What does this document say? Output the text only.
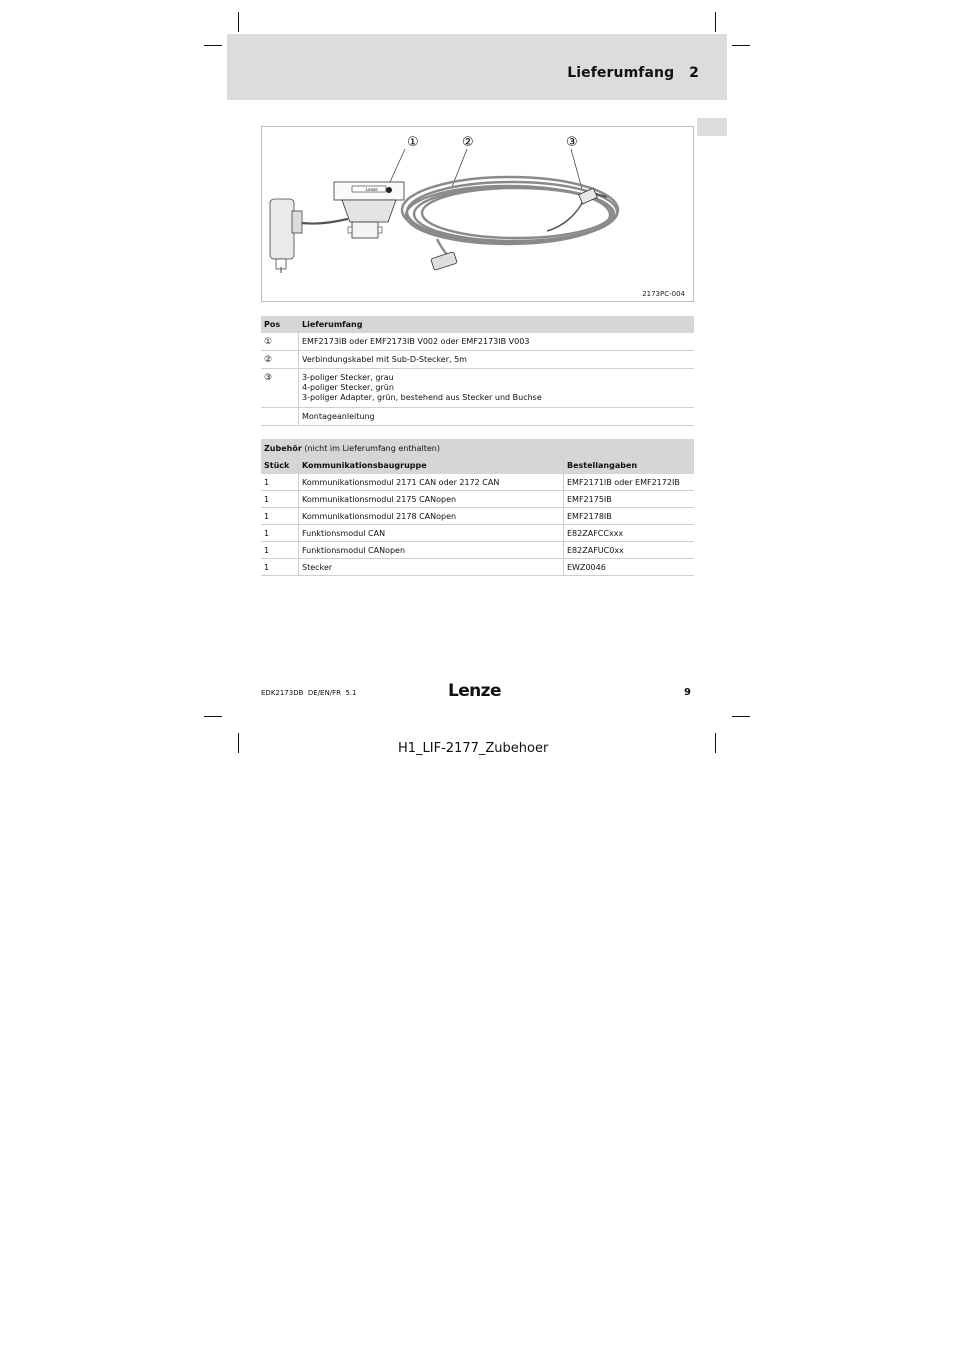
Lieferumfang 2
①	②	③
Lenze
2173PC-004
Pos	Lieferumfang
①	EMF2173IB oder EMF2173IB V002 oder EMF2173IB V003
②	Verbindungskabel mit Sub-D-Stecker, 5m
③	3-poliger Stecker, grau
4-poliger Stecker, grün
3-poliger Adapter, grün, bestehend aus Stecker und Buchse

	Montageanleitung
Zubehör (nicht im Lieferumfang enthalten)		
Stück	Kommunikationsbaugruppe	Bestellangaben
1	Kommunikationsmodul 2171 CAN oder 2172 CAN	EMF2171IB oder EMF2172IB
1	Kommunikationsmodul 2175 CANopen	EMF2175IB
1	Kommunikationsmodul 2178 CANopen	EMF2178IB
1	Funktionsmodul CAN	E82ZAFCCxxx
1	Funktionsmodul CANopen	E82ZAFUC0xx
1	Stecker	EWZ0046
EDK2173DB DE/EN/FR 5.1	Lenze	9
H1_LIF-2177_Zubehoer
